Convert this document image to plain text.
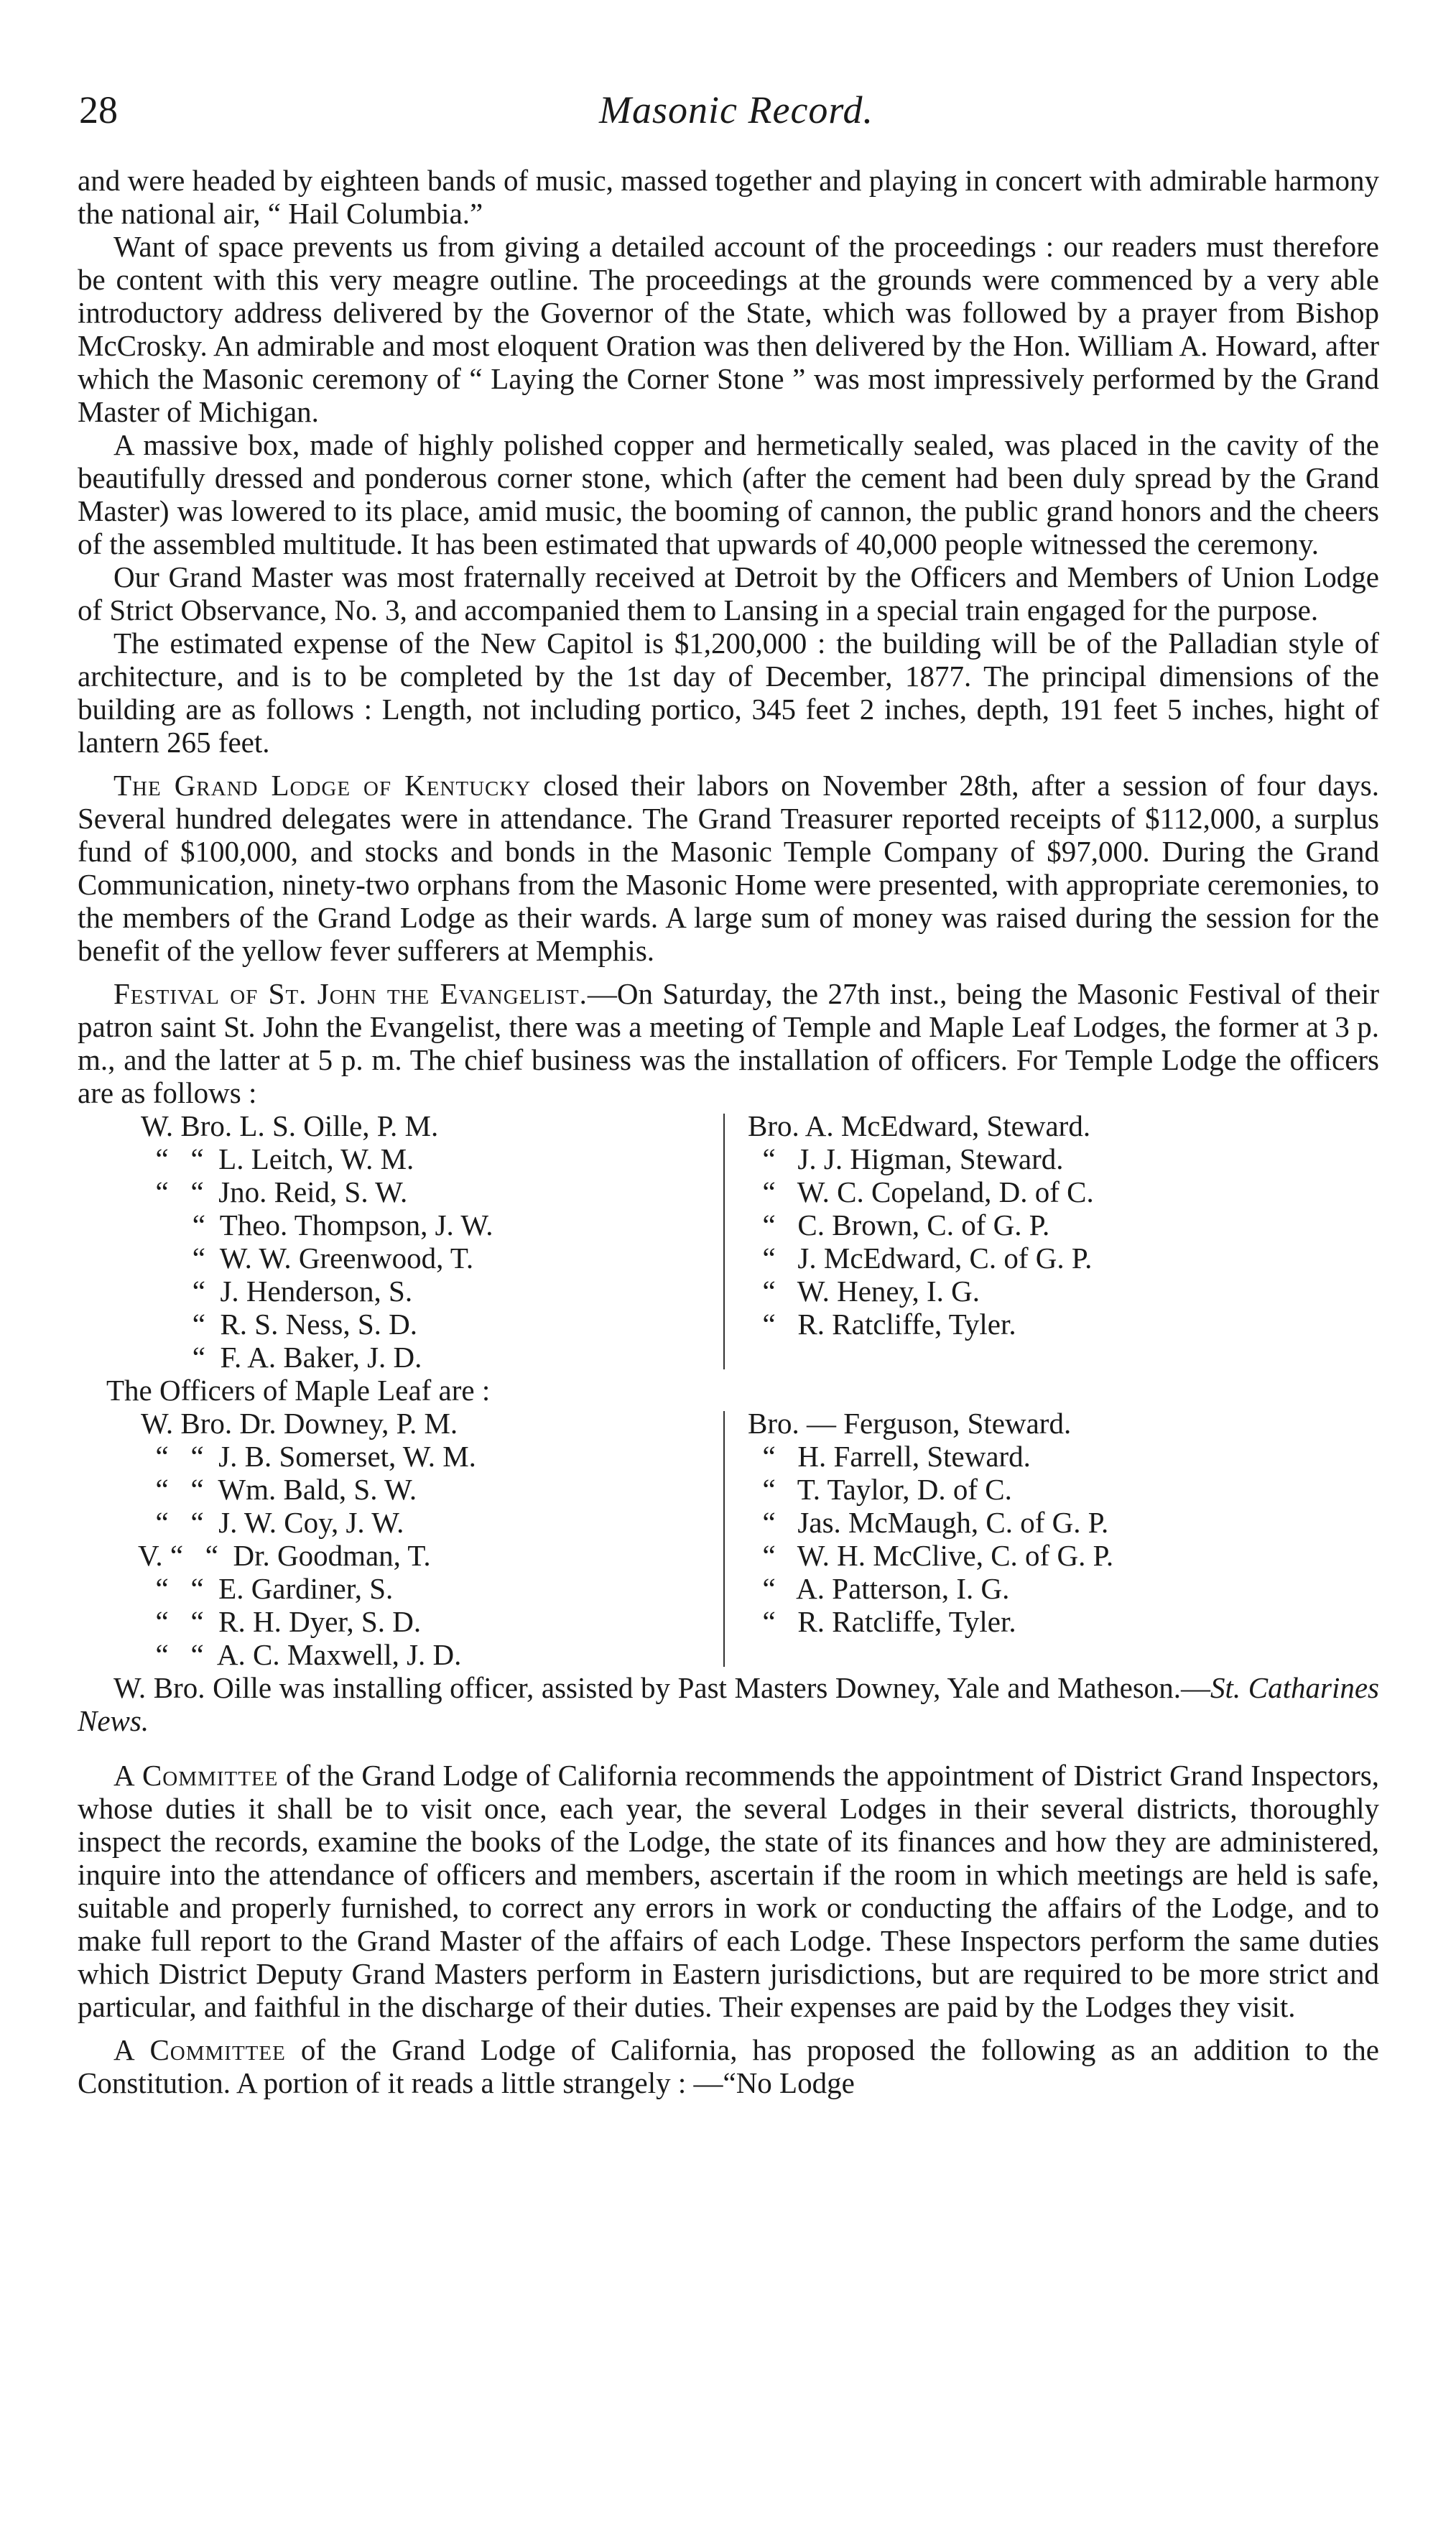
28	Masonic Record.

and were headed by eighteen bands of music, massed together and playing in concert with admirable harmony the national air, “ Hail Columbia.”

Want of space prevents us from giving a detailed account of the proceedings : our readers must therefore be content with this very meagre outline. The proceedings at the grounds were commenced by a very able introductory address delivered by the Governor of the State, which was followed by a prayer from Bishop McCrosky. An admirable and most eloquent Oration was then delivered by the Hon. William A. Howard, after which the Masonic ceremony of “ Laying the Corner Stone ” was most impressively performed by the Grand Master of Michigan.

A massive box, made of highly polished copper and hermetically sealed, was placed in the cavity of the beautifully dressed and ponderous corner stone, which (after the cement had been duly spread by the Grand Master) was lowered to its place, amid music, the booming of cannon, the public grand honors and the cheers of the assembled multitude. It has been estimated that upwards of 40,000 people witnessed the ceremony.

Our Grand Master was most fraternally received at Detroit by the Officers and Members of Union Lodge of Strict Observance, No. 3, and accompanied them to Lansing in a special train engaged for the purpose.

The estimated expense of the New Capitol is $1,200,000 : the building will be of the Palladian style of architecture, and is to be completed by the 1st day of December, 1877. The principal dimensions of the building are as follows : Length, not including portico, 345 feet 2 inches, depth, 191 feet 5 inches, hight of lantern 265 feet.

The Grand Lodge of Kentucky closed their labors on November 28th, after a session of four days. Several hundred delegates were in attendance. The Grand Treasurer reported receipts of $112,000, a surplus fund of $100,000, and stocks and bonds in the Masonic Temple Company of $97,000. During the Grand Communication, ninety-two orphans from the Masonic Home were presented, with appropriate ceremonies, to the members of the Grand Lodge as their wards. A large sum of money was raised during the session for the benefit of the yellow fever sufferers at Memphis.

Festival of St. John the Evangelist.—On Saturday, the 27th inst., being the Masonic Festival of their patron saint St. John the Evangelist, there was a meeting of Temple and Maple Leaf Lodges, the former at 3 p. m., and the latter at 5 p. m. The chief business was the installation of officers. For Temple Lodge the officers are as follows :

W. Bro. L. S. Oille, P. M.
“   “  L. Leitch, W. M.
“   “  Jno. Reid, S. W.
“  Theo. Thompson, J. W.
“  W. W. Greenwood, T.
“  J. Henderson, S.
“  R. S. Ness, S. D.
“  F. A. Baker, J. D.
Bro. A. McEdward, Steward.
“   J. J. Higman, Steward.
“   W. C. Copeland, D. of C.
“   C. Brown, C. of G. P.
“   J. McEdward, C. of G. P.
“   W. Heney, I. G.
“   R. Ratcliffe, Tyler.

The Officers of Maple Leaf are :

W. Bro. Dr. Downey, P. M.
“   “  J. B. Somerset, W. M.
“   “  Wm. Bald, S. W.
“   “  J. W. Coy, J. W.
V. “   “  Dr. Goodman, T.
“   “  E. Gardiner, S.
“   “  R. H. Dyer, S. D.
“   “  A. C. Maxwell, J. D.
Bro. — Ferguson, Steward.
“   H. Farrell, Steward.
“   T. Taylor, D. of C.
“   Jas. McMaugh, C. of G. P.
“   W. H. McClive, C. of G. P.
“   A. Patterson, I. G.
“   R. Ratcliffe, Tyler.

W. Bro. Oille was installing officer, assisted by Past Masters Downey, Yale and Matheson.—St. Catharines News.

A Committee of the Grand Lodge of California recommends the appointment of District Grand Inspectors, whose duties it shall be to visit once, each year, the several Lodges in their several districts, thoroughly inspect the records, examine the books of the Lodge, the state of its finances and how they are administered, inquire into the attendance of officers and members, ascertain if the room in which meetings are held is safe, suitable and properly furnished, to correct any errors in work or conducting the affairs of the Lodge, and to make full report to the Grand Master of the affairs of each Lodge. These Inspectors perform the same duties which District Deputy Grand Masters perform in Eastern jurisdictions, but are required to be more strict and particular, and faithful in the discharge of their duties. Their expenses are paid by the Lodges they visit.

A Committee of the Grand Lodge of California, has proposed the following as an addition to the Constitution. A portion of it reads a little strangely : —“No Lodge
